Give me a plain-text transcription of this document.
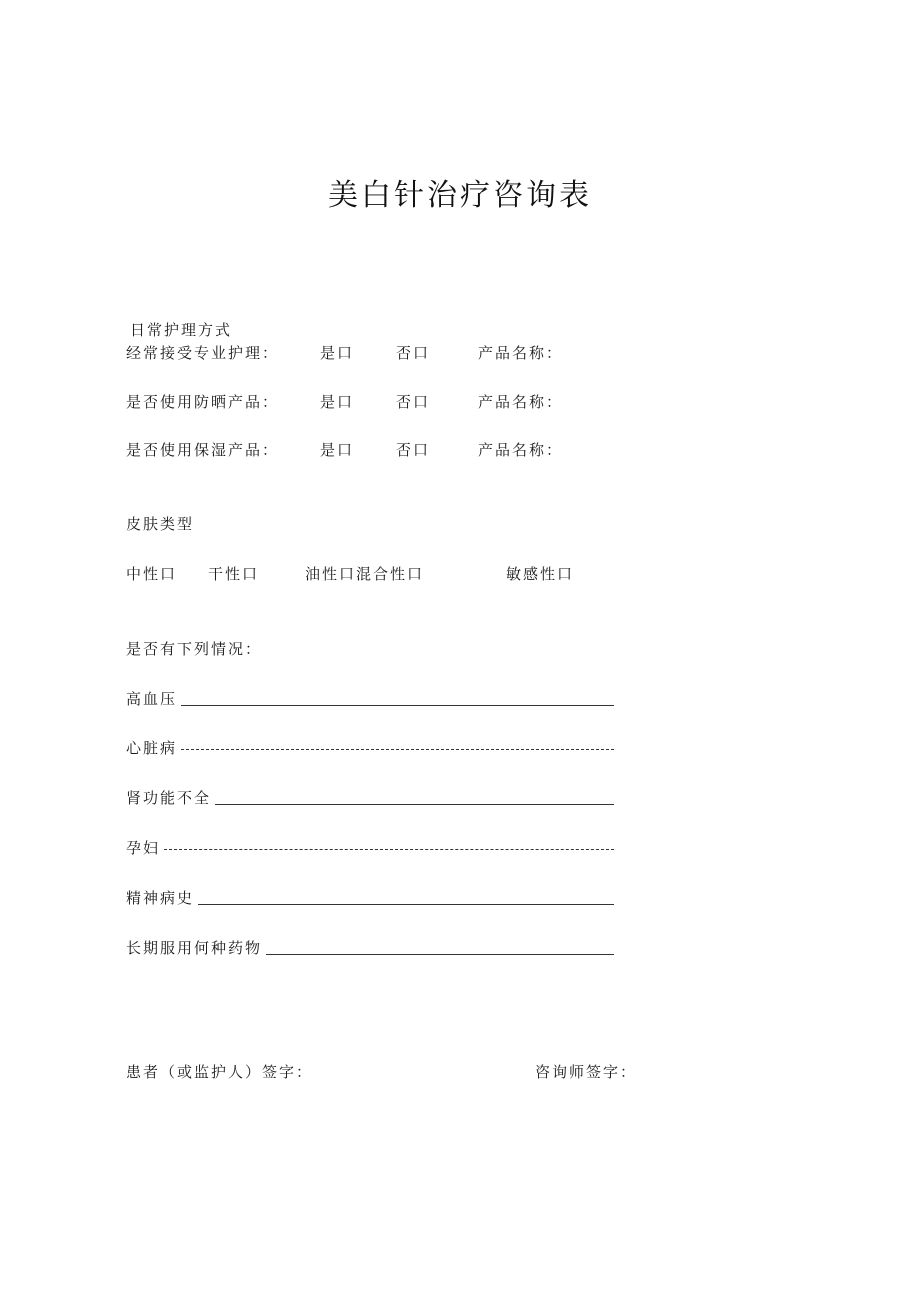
美白针治疗咨询表
日常护理方式
经常接受专业护理：	是口	否口	产品名称：
是否使用防晒产品：	是口	否口	产品名称：
是否使用保湿产品：	是口	否口	产品名称：
皮肤类型
中性口 干性口	油性口混合性口	敏感性口
是否有下列情况：
高血压
心脏病
肾功能不全
孕妇
精神病史
长期服用何种药物
患者（或监护人）签字：	咨询师签字：
